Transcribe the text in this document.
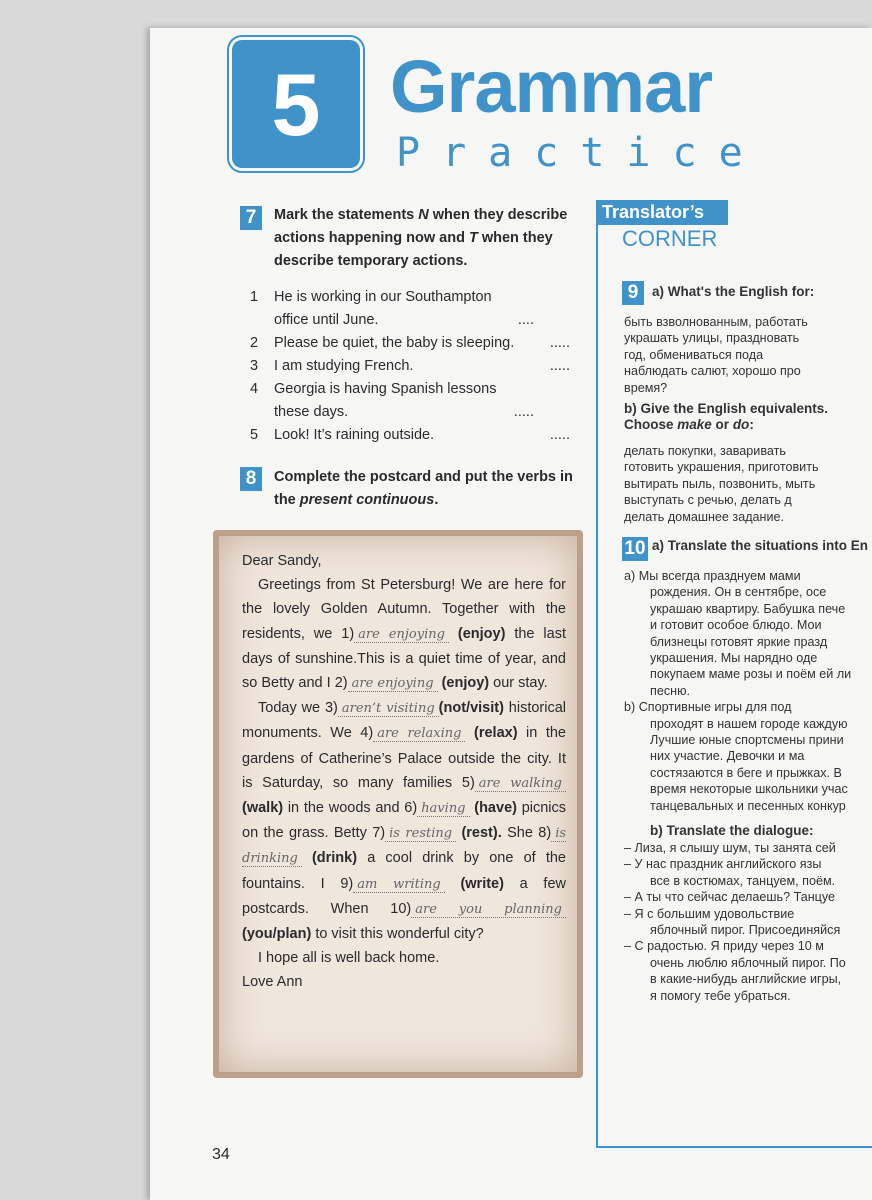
5 Grammar
Practice
7	Mark the statements N when they describe actions happening now and T when they describe temporary actions.
1	He is working in our Southampton office until June.	....
2	Please be quiet, the baby is sleeping.	.....
3	I am studying French.	.....
4	Georgia is having Spanish lessons these days.	.....
5	Look! It’s raining outside.	.....
8	Complete the postcard and put the verbs in the present continuous.

Dear Sandy,

Greetings from St Petersburg! We are here for the lovely Golden Autumn. Together with the residents, we 1) are enjoying (enjoy) the last days of sunshine.This is a quiet time of year, and so Betty and I 2) are enjoying (enjoy) our stay.

Today we 3) aren’t visiting (not/visit) historical monuments. We 4) are relaxing (relax) in the gardens of Catherine’s Palace outside the city. It is Saturday, so many families 5) are walking (walk) in the woods and 6) having (have) picnics on the grass. Betty 7) is resting (rest). She 8) is drinking (drink) a cool drink by one of the fountains. I 9) am writing (write) a few postcards. When 10) are you planning (you/plan) to visit this wonderful city?

I hope all is well back home.

Love Ann

Translator’s
CORNER
9	a) What's the English for:

быть взволнованным, работать

украшать улицы, праздновать

год, обмениваться пода

наблюдать салют, хорошо про

время?

b) Give the English equivalents.

Choose make or do:

делать покупки, заваривать

готовить украшения, приготовить

вытирать пыль, позвонить, мыть

выступать с речью, делать д

делать домашнее задание.

10 a) Translate the situations into En

a) Мы всегда празднуем мами

рождения. Он в сентябре, осе

украшаю квартиру. Бабушка пече

и готовит особое блюдо. Мои

близнецы готовят яркие празд

украшения. Мы нарядно оде

покупаем маме розы и поём ей ли

песню.

b) Спортивные игры для под

проходят в нашем городе каждую

Лучшие юные спортсмены прини

них участие. Девочки и ма

состязаются в беге и прыжках. В

время некоторые школьники учас

танцевальных и песенных конкур

b) Translate the dialogue:

– Лиза, я слышу шум, ты занята сей

– У нас праздник английского язы

все в костюмах, танцуем, поём.

– А ты что сейчас делаешь? Танцуе

– Я с большим удовольствие

яблочный пирог. Присоединяйся

– С радостью. Я приду через 10 м

очень люблю яблочный пирог. По

в какие-нибудь английские игры,

я помогу тебе убраться.

34
